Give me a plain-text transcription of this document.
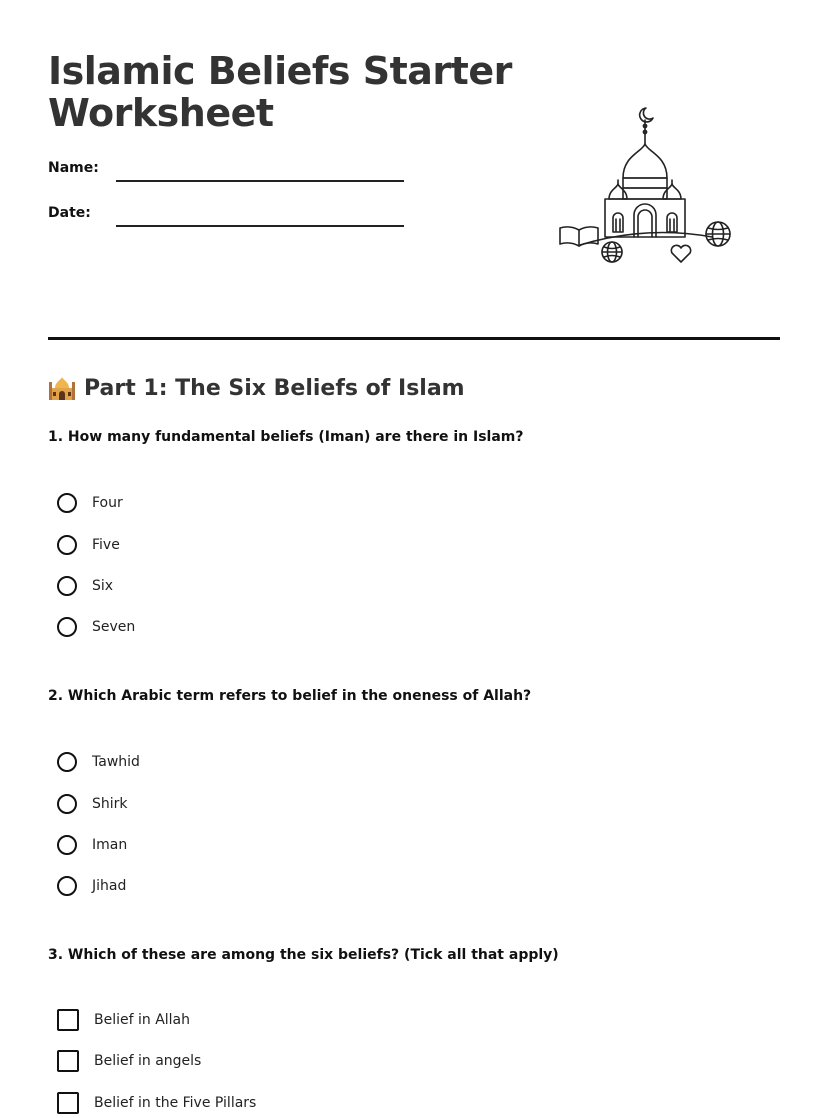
Islamic Beliefs Starter Worksheet
Name:
Date:
Part 1: The Six Beliefs of Islam
1. How many fundamental beliefs (Iman) are there in Islam?
Four
Five
Six
Seven
2. Which Arabic term refers to belief in the oneness of Allah?
Tawhid
Shirk
Iman
Jihad
3. Which of these are among the six beliefs? (Tick all that apply)
Belief in Allah
Belief in angels
Belief in the Five Pillars
